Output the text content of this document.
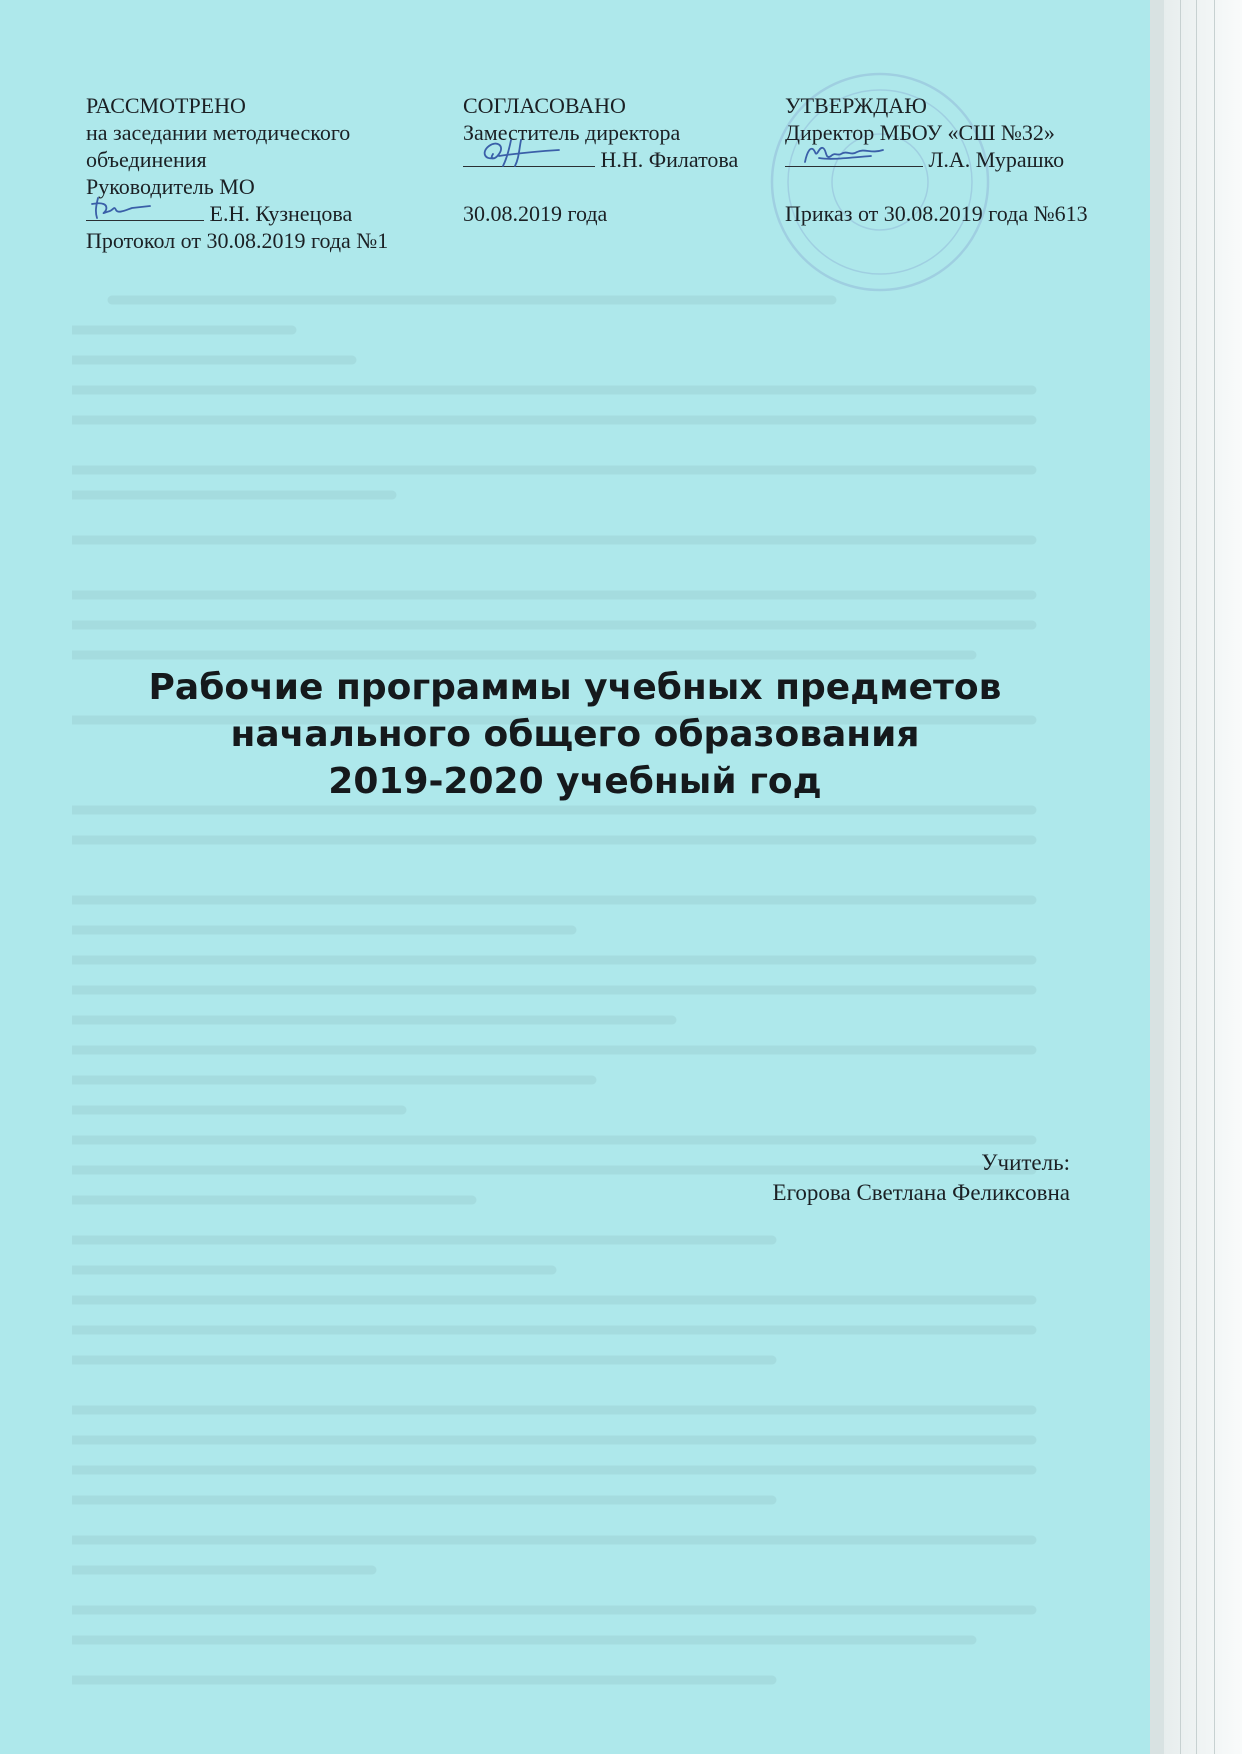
РАССМОТРЕНО
на заседании методического
объединения
Руководитель МО
Е.Н. Кузнецова
Протокол от 30.08.2019 года №1
СОГЛАСОВАНО
Заместитель директора
Н.Н. Филатова
30.08.2019 года
УТВЕРЖДАЮ
Директор МБОУ «СШ №32»
Л.А. Мурашко
Приказ от 30.08.2019 года №613
Рабочие программы учебных предметов
начального общего образования
2019-2020 учебный год
Учитель:
Егорова Светлана Феликсовна
